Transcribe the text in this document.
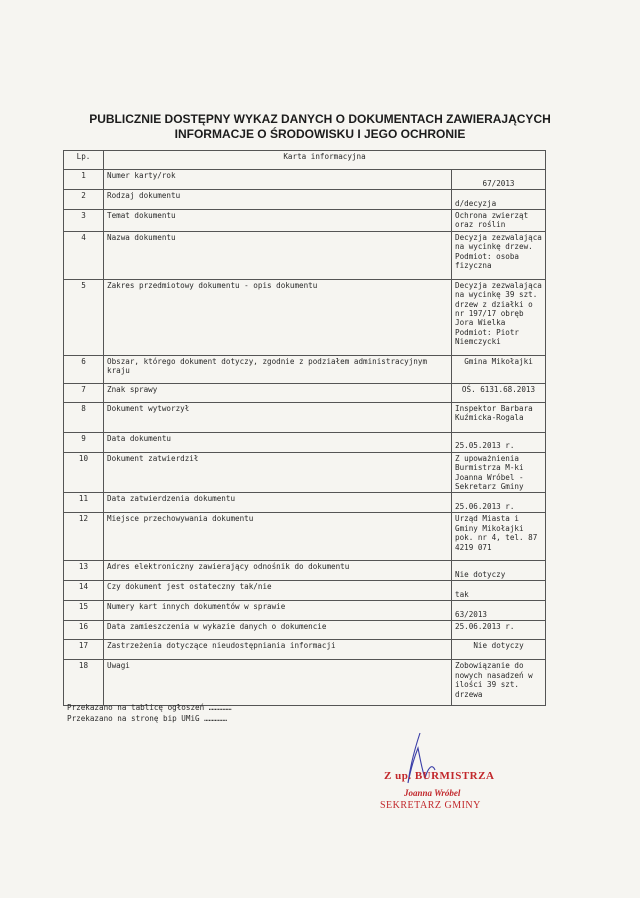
PUBLICZNIE DOSTĘPNY WYKAZ DANYCH O DOKUMENTACH ZAWIERAJĄCYCH INFORMACJE O ŚRODOWISKU I JEGO OCHRONIE
Lp.	Karta informacyjna	
1	Numer karty/rok	67/2013
2	Rodzaj dokumentu	d/decyzja
3	Temat dokumentu	Ochrona zwierząt oraz roślin
4	Nazwa dokumentu	Decyzja zezwalająca na wycinkę drzew. Podmiot: osoba fizyczna
5	Zakres przedmiotowy dokumentu - opis dokumentu	Decyzja zezwalająca na wycinkę 39 szt. drzew z działki o nr 197/17 obręb Jora Wielka Podmiot: Piotr Niemczycki
6	Obszar, którego dokument dotyczy, zgodnie z podziałem administracyjnym kraju	Gmina Mikołajki
7	Znak sprawy	OŚ. 6131.68.2013
8	Dokument wytworzył	Inspektor Barbara Kuźmicka-Rogala
9	Data dokumentu	25.05.2013 r.
10	Dokument zatwierdził	Z upoważnienia Burmistrza M-ki Joanna Wróbel - Sekretarz Gminy
11	Data zatwierdzenia dokumentu	25.06.2013 r.
12	Miejsce przechowywania dokumentu	Urząd Miasta i Gminy Mikołajki pok. nr 4, tel. 87 4219 071
13	Adres elektroniczny zawierający odnośnik do dokumentu	Nie dotyczy
14	Czy dokument jest ostateczny tak/nie	tak
15	Numery kart innych dokumentów w sprawie	63/2013
16	Data zamieszczenia w wykazie danych o dokumencie	25.06.2013 r.
17	Zastrzeżenia dotyczące nieudostępniania informacji	Nie dotyczy
18	Uwagi	Zobowiązanie do nowych nasadzeń w ilości 39 szt. drzewa
Przekazano na tablicę ogłoszeń ……………
Przekazano na stronę bip UMiG ……………
Z up. BURMISTRZA
Joanna Wróbel
SEKRETARZ GMINY
